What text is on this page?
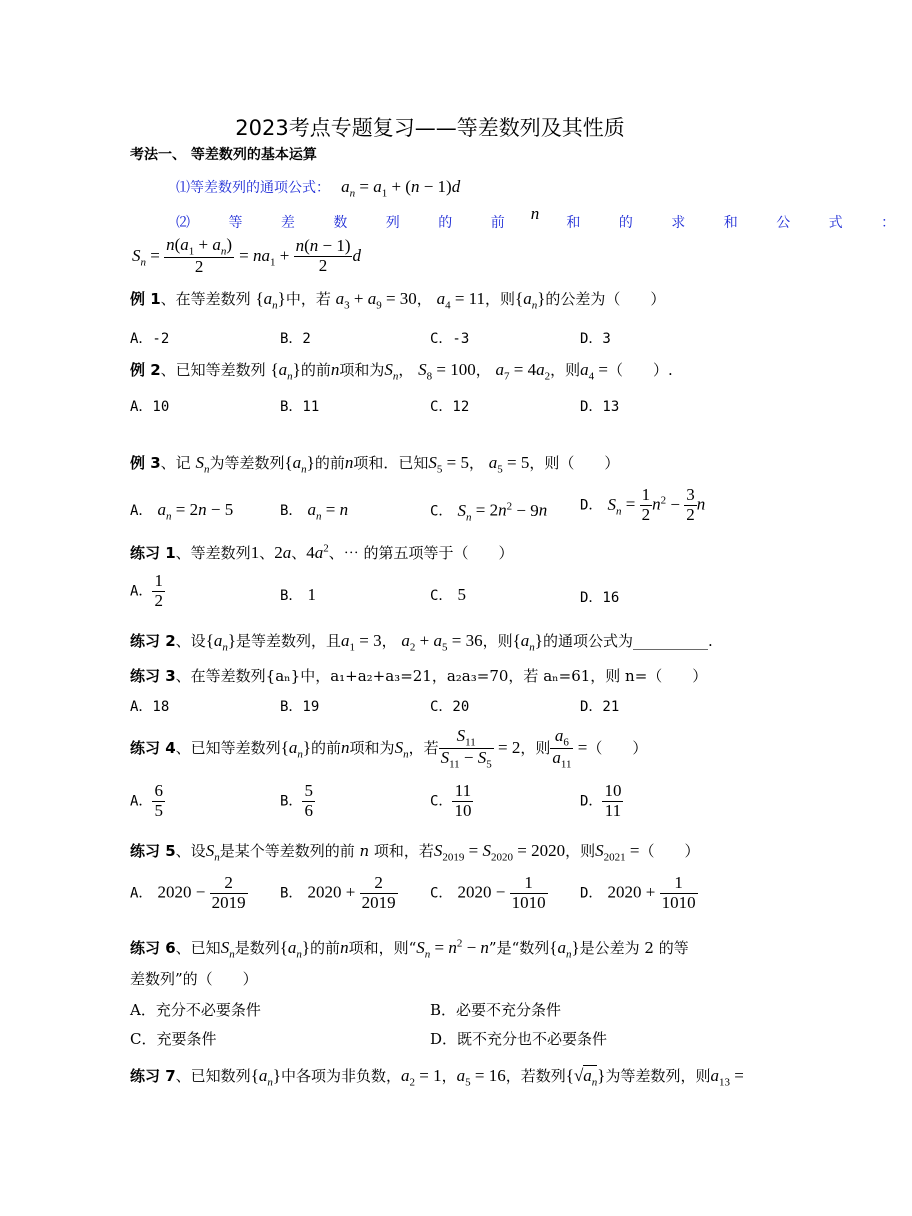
2023考点专题复习——等差数列及其性质
考法一、 等差数列的基本运算
⑴等差数列的通项公式： $a_n = a_1 + (n - 1)d$
⑵ 等 差 数 列 的 前 n 和 的 求 和 公 式 ：
$S_n = \frac{n(a_1 + a_n)}{2} = na_1 + \frac{n(n - 1)}{2}$ d
例 1、在等差数列 $\{a_n\}$中，若 $a_3 + a_9 = 30$， $a_4 = 11$，则$\{a_n\}$的公差为（　　）
A．-2	B．2	C．-3	D．3
例 2、已知等差数列 $\{a_n\}$的前n项和为$S_n$， $S_8 = 100$， $a_7 = 4a_2$，则$a_4$ =（　　）.
A．10	B．11	C．12	D．13
例 3、记 $S_n$为等差数列$\{a_n\}$的前n项和．已知$S_5 = 5$， $a_5 = 5$，则（　　）
A． $a_n = 2n - 5$	B． $a_n = n$	C． $S_n = 2n^2 - 9n$ D． $S_n = \frac{1}{2} n^2 - \frac{3}{2}$ n
练习 1、等差数列1、2a、$4a^2$、⋯ 的第五项等于（　　）
A． $\frac{1}{2}$	B． 1	C． 5	D．16
练习 2、设$\{a_n\}$是等差数列，且$a_1 = 3$， $a_2 + a_5 = 36$，则$\{a_n\}$的通项公式为__________.
练习 3、在等差数列{aₙ}中，a₁+a₂+a₃=21，a₂a₃=70，若 aₙ=61，则 n=（　　）
A．18	B．19	C．20	D．21
练习 4、已知等差数列$\{a_n\}$的前n项和为$S_n$，若 $\frac{S_{11}}{S_{11} - S_5} = 2$，则 $\frac{a_6}{a_{11}}$ =（　　）
A． $\frac{6}{5}$	B． $\frac{5}{6}$	C． $\frac{11}{10}$	D． $\frac{10}{11}$
练习 5、设$S_n$是某个等差数列的前 n 项和，若$S_{2019} = S_{2020} = 2020$，则$S_{2021}$ =（　　）
A． $2020 - \frac{2}{2019}$ B． $2020 + \frac{2}{2019}$ C． $2020 - \frac{1}{1010}$ D． $2020 + \frac{1}{1010}$
练习 6、已知$S_n$是数列$\{a_n\}$的前n项和，则“$S_n = n^2 - n$”是“数列$\{a_n\}$是公差为 2 的等
差数列”的（　　）
A．充分不必要条件	B．必要不充分条件
C．充要条件	D．既不充分也不必要条件
练习 7、已知数列$\{a_n\}$中各项为非负数，$a_2 = 1$，$a_5 = 16$，若数列$\{√a_n\}$为等差数列，则$a_{13}$ =
